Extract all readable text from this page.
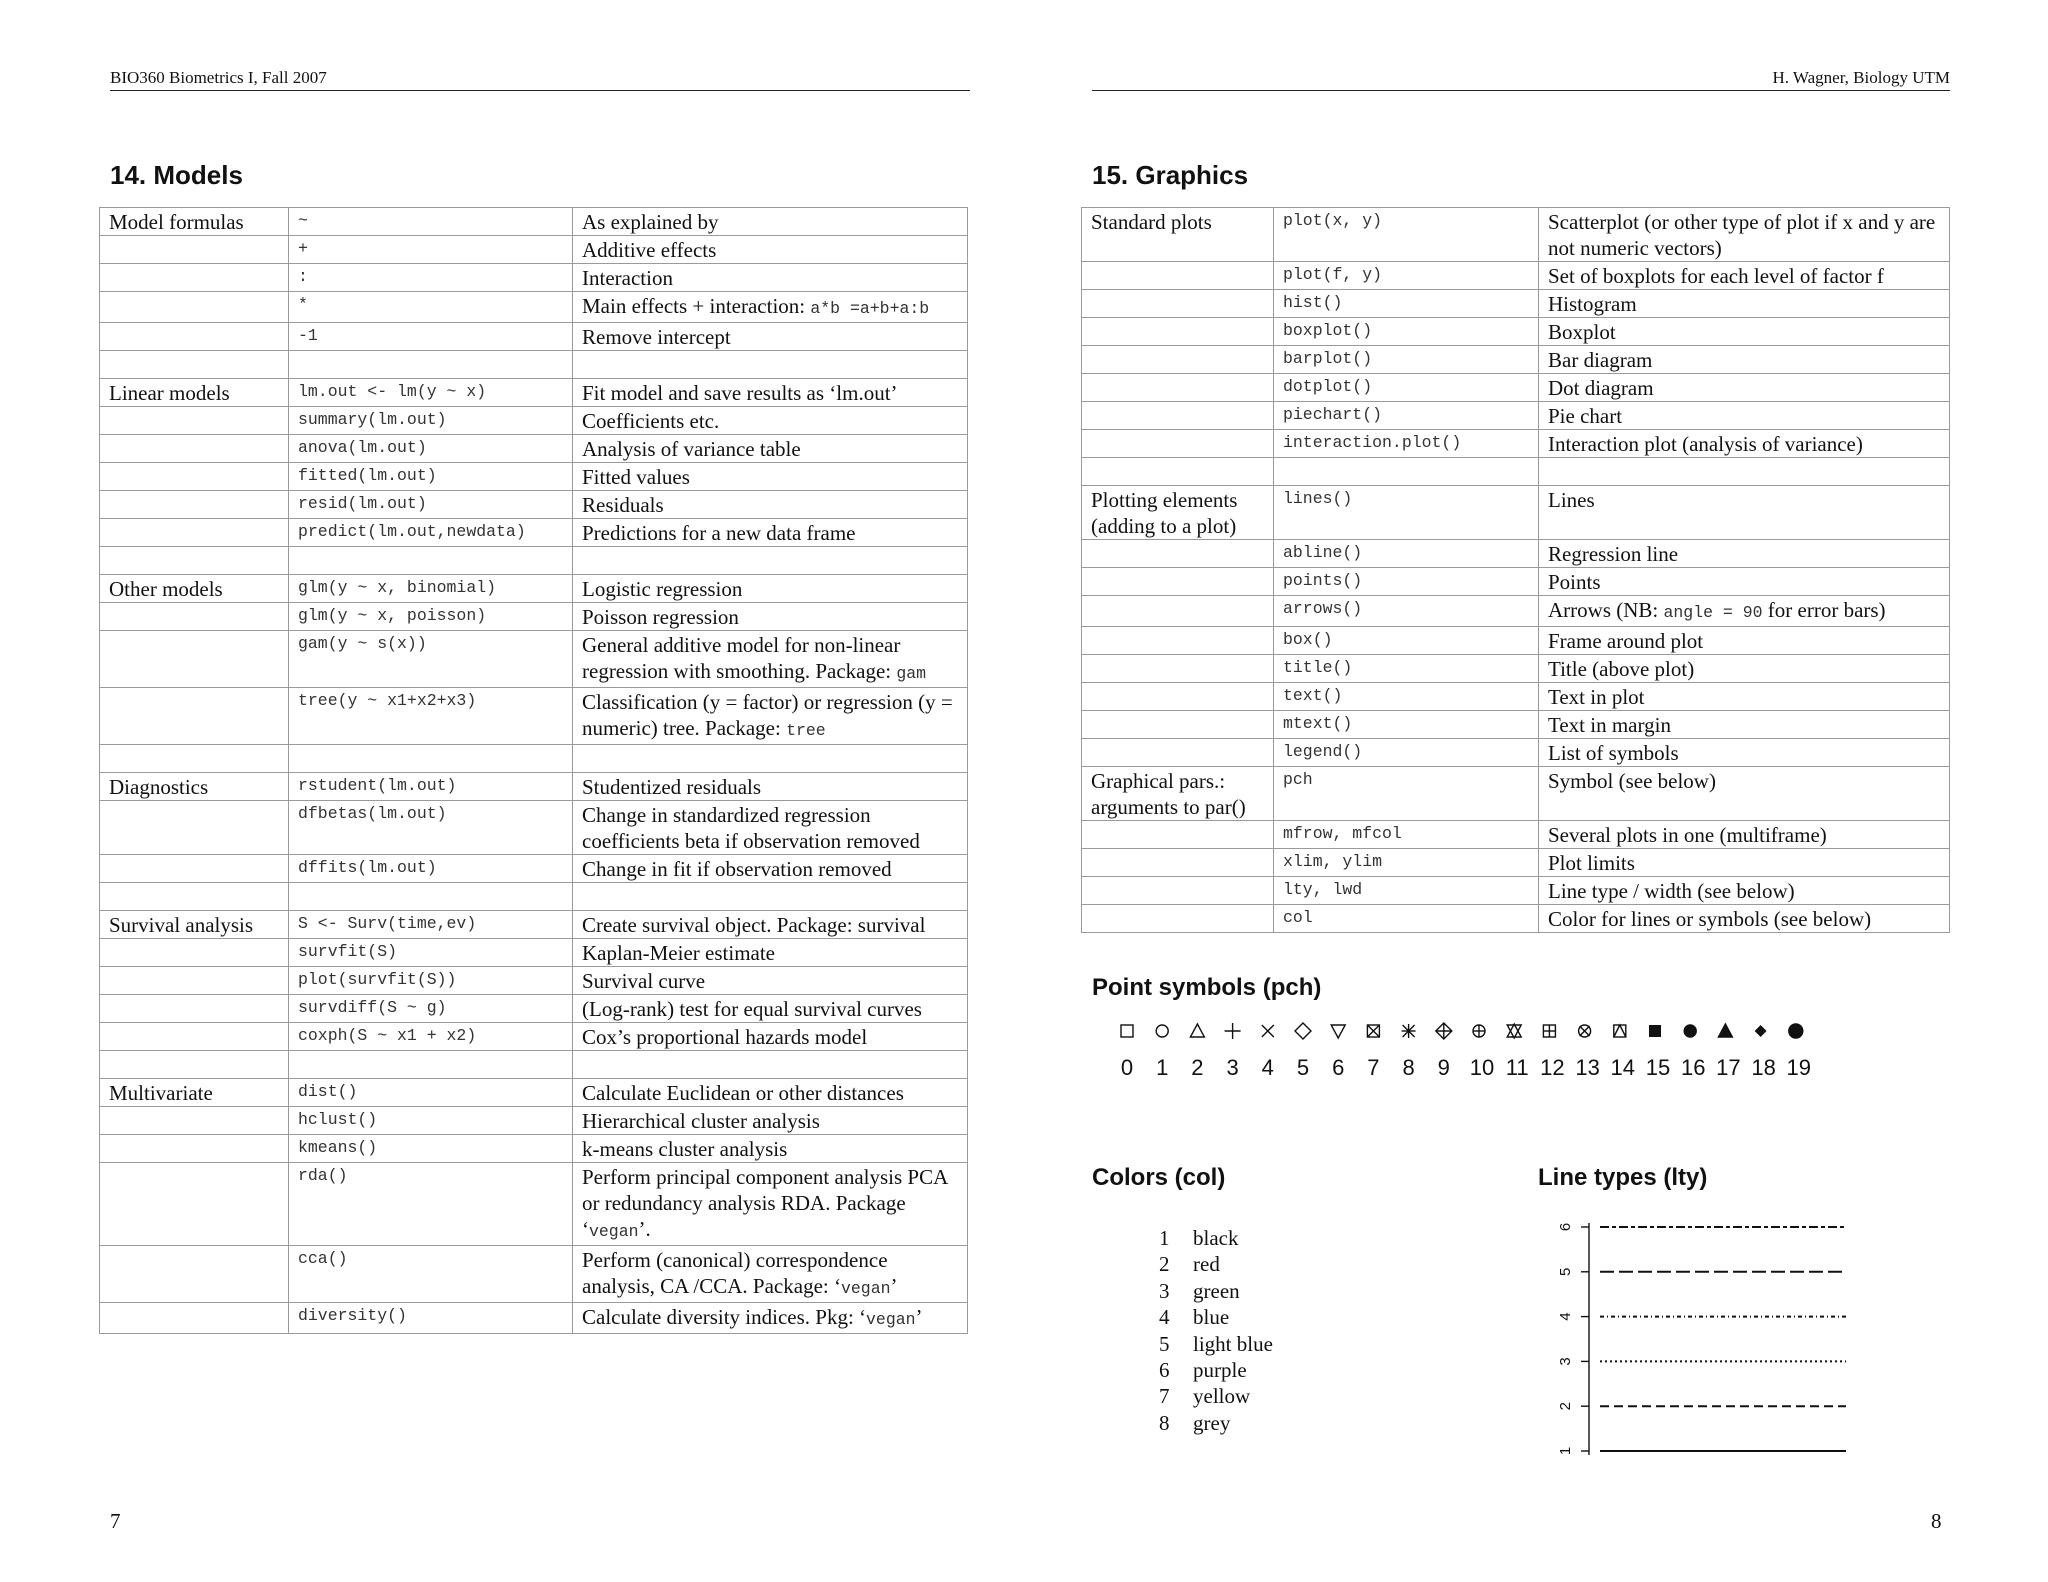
BIO360 Biometrics I, Fall 2007
14. Models
Model formulas	~	As explained by
	+	Additive effects
	:	Interaction
	*	Main effects + interaction: a*b =a+b+a:b
	-1	Remove intercept

Linear models	lm.out <- lm(y ~ x)	Fit model and save results as ‘lm.out’
	summary(lm.out)	Coefficients etc.
	anova(lm.out)	Analysis of variance table
	fitted(lm.out)	Fitted values
	resid(lm.out)	Residuals
	predict(lm.out,newdata)	Predictions for a new data frame

Other models	glm(y ~ x, binomial)	Logistic regression
	glm(y ~ x, poisson)	Poisson regression
	gam(y ~ s(x))	General additive model for non-linear regression with smoothing. Package: gam
	tree(y ~ x1+x2+x3)	Classification (y = factor) or regression (y = numeric) tree. Package: tree

Diagnostics	rstudent(lm.out)	Studentized residuals
	dfbetas(lm.out)	Change in standardized regression coefficients beta if observation removed
	dffits(lm.out)	Change in fit if observation removed

Survival analysis	S <- Surv(time,ev)	Create survival object. Package: survival
	survfit(S)	Kaplan-Meier estimate
	plot(survfit(S))	Survival curve
	survdiff(S ~ g)	(Log-rank) test for equal survival curves
	coxph(S ~ x1 + x2)	Cox’s proportional hazards model

Multivariate	dist()	Calculate Euclidean or other distances
	hclust()	Hierarchical cluster analysis
	kmeans()	k-means cluster analysis
	rda()	Perform principal component analysis PCA or redundancy analysis RDA. Package ‘vegan’.
	cca()	Perform (canonical) correspondence analysis, CA /CCA. Package: ‘vegan’
	diversity()	Calculate diversity indices. Pkg: ‘vegan’
7
H. Wagner, Biology UTM
15. Graphics
Standard plots	plot(x, y)	Scatterplot (or other type of plot if x and y are not numeric vectors)
	plot(f, y)	Set of boxplots for each level of factor f
	hist()	Histogram
	boxplot()	Boxplot
	barplot()	Bar diagram
	dotplot()	Dot diagram
	piechart()	Pie chart
	interaction.plot()	Interaction plot (analysis of variance)

Plotting elements (adding to a plot)	lines()	Lines
	abline()	Regression line
	points()	Points
	arrows()	Arrows (NB: angle = 90 for error bars)
	box()	Frame around plot
	title()	Title (above plot)
	text()	Text in plot
	mtext()	Text in margin
	legend()	List of symbols
Graphical pars.: arguments to par()	pch	Symbol (see below)
	mfrow, mfcol	Several plots in one (multiframe)
	xlim, ylim	Plot limits
	lty, lwd	Line type / width (see below)
	col	Color for lines or symbols (see below)
Point symbols (pch)
0 1 2 3 4 5 6 7 8 9 10 11 12 13 14 15 16 17 18 19
Colors (col)
1 black
2 red
3 green
4 blue
5 light blue
6 purple
7 yellow
8 grey
Line types (lty)
1
2
3
4
5
6
8
